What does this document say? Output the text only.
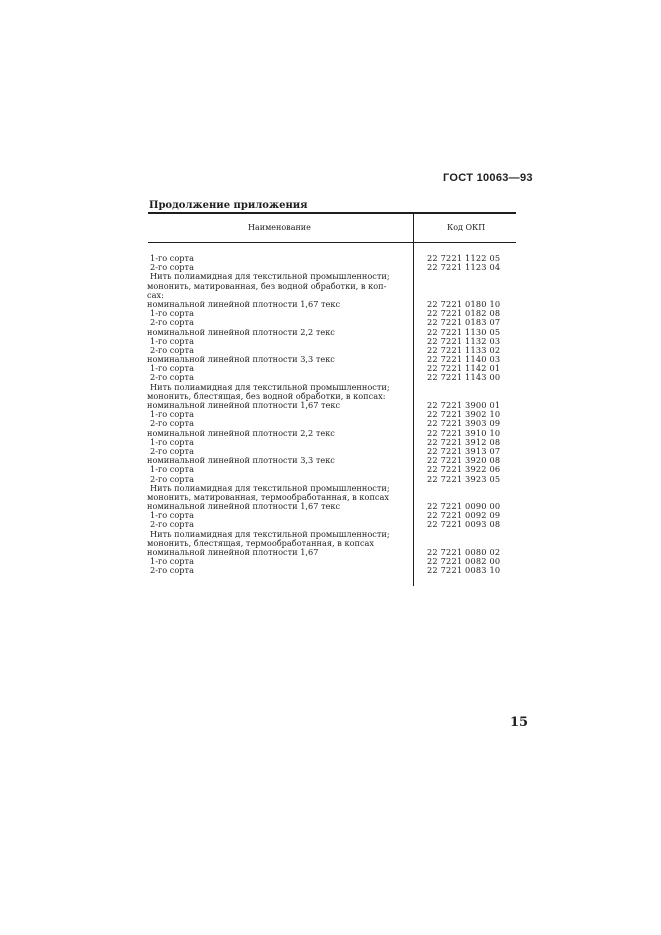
ГОСТ 10063—93
Продолжение приложения
Наименование	Код ОКП
1-го сорта	22 7221 1122 05
2-го сорта	22 7221 1123 04
Нить полиамидная для текстильной промышленности;
мононить, матированная, без водной обработки, в коп-
сах:
номинальной линейной плотности 1,67 текс	22 7221 0180 10
1-го сорта	22 7221 0182 08
2-го сорта	22 7221 0183 07
номинальной линейной плотности 2,2 текс	22 7221 1130 05
1-го сорта	22 7221 1132 03
2-го сорта	22 7221 1133 02
номинальной линейной плотности 3,3 текс	22 7221 1140 03
1-го сорта	22 7221 1142 01
2-го сорта	22 7221 1143 00
Нить полиамидная для текстильной промышленности;
мононить, блестящая, без водной обработки, в копсах:
номинальной линейной плотности 1,67 текс	22 7221 3900 01
1-го сорта	22 7221 3902 10
2-го сорта	22 7221 3903 09
номинальной линейной плотности 2,2 текс	22 7221 3910 10
1-го сорта	22 7221 3912 08
2-го сорта	22 7221 3913 07
номинальной линейной плотности 3,3 текс	22 7221 3920 08
1-го сорта	22 7221 3922 06
2-го сорта	22 7221 3923 05
Нить полиамидная для текстильной промышленности;
мононить, матированная, термообработанная, в копсах
номинальной линейной плотности 1,67 текс	22 7221 0090 00
1-го сорта	22 7221 0092 09
2-го сорта	22 7221 0093 08
Нить полиамидная для текстильной промышленности;
мононить, блестящая, термообработанная, в копсах
номинальной линейной плотности 1,67	22 7221 0080 02
1-го сорта	22 7221 0082 00
2-го сорта	22 7221 0083 10
15
